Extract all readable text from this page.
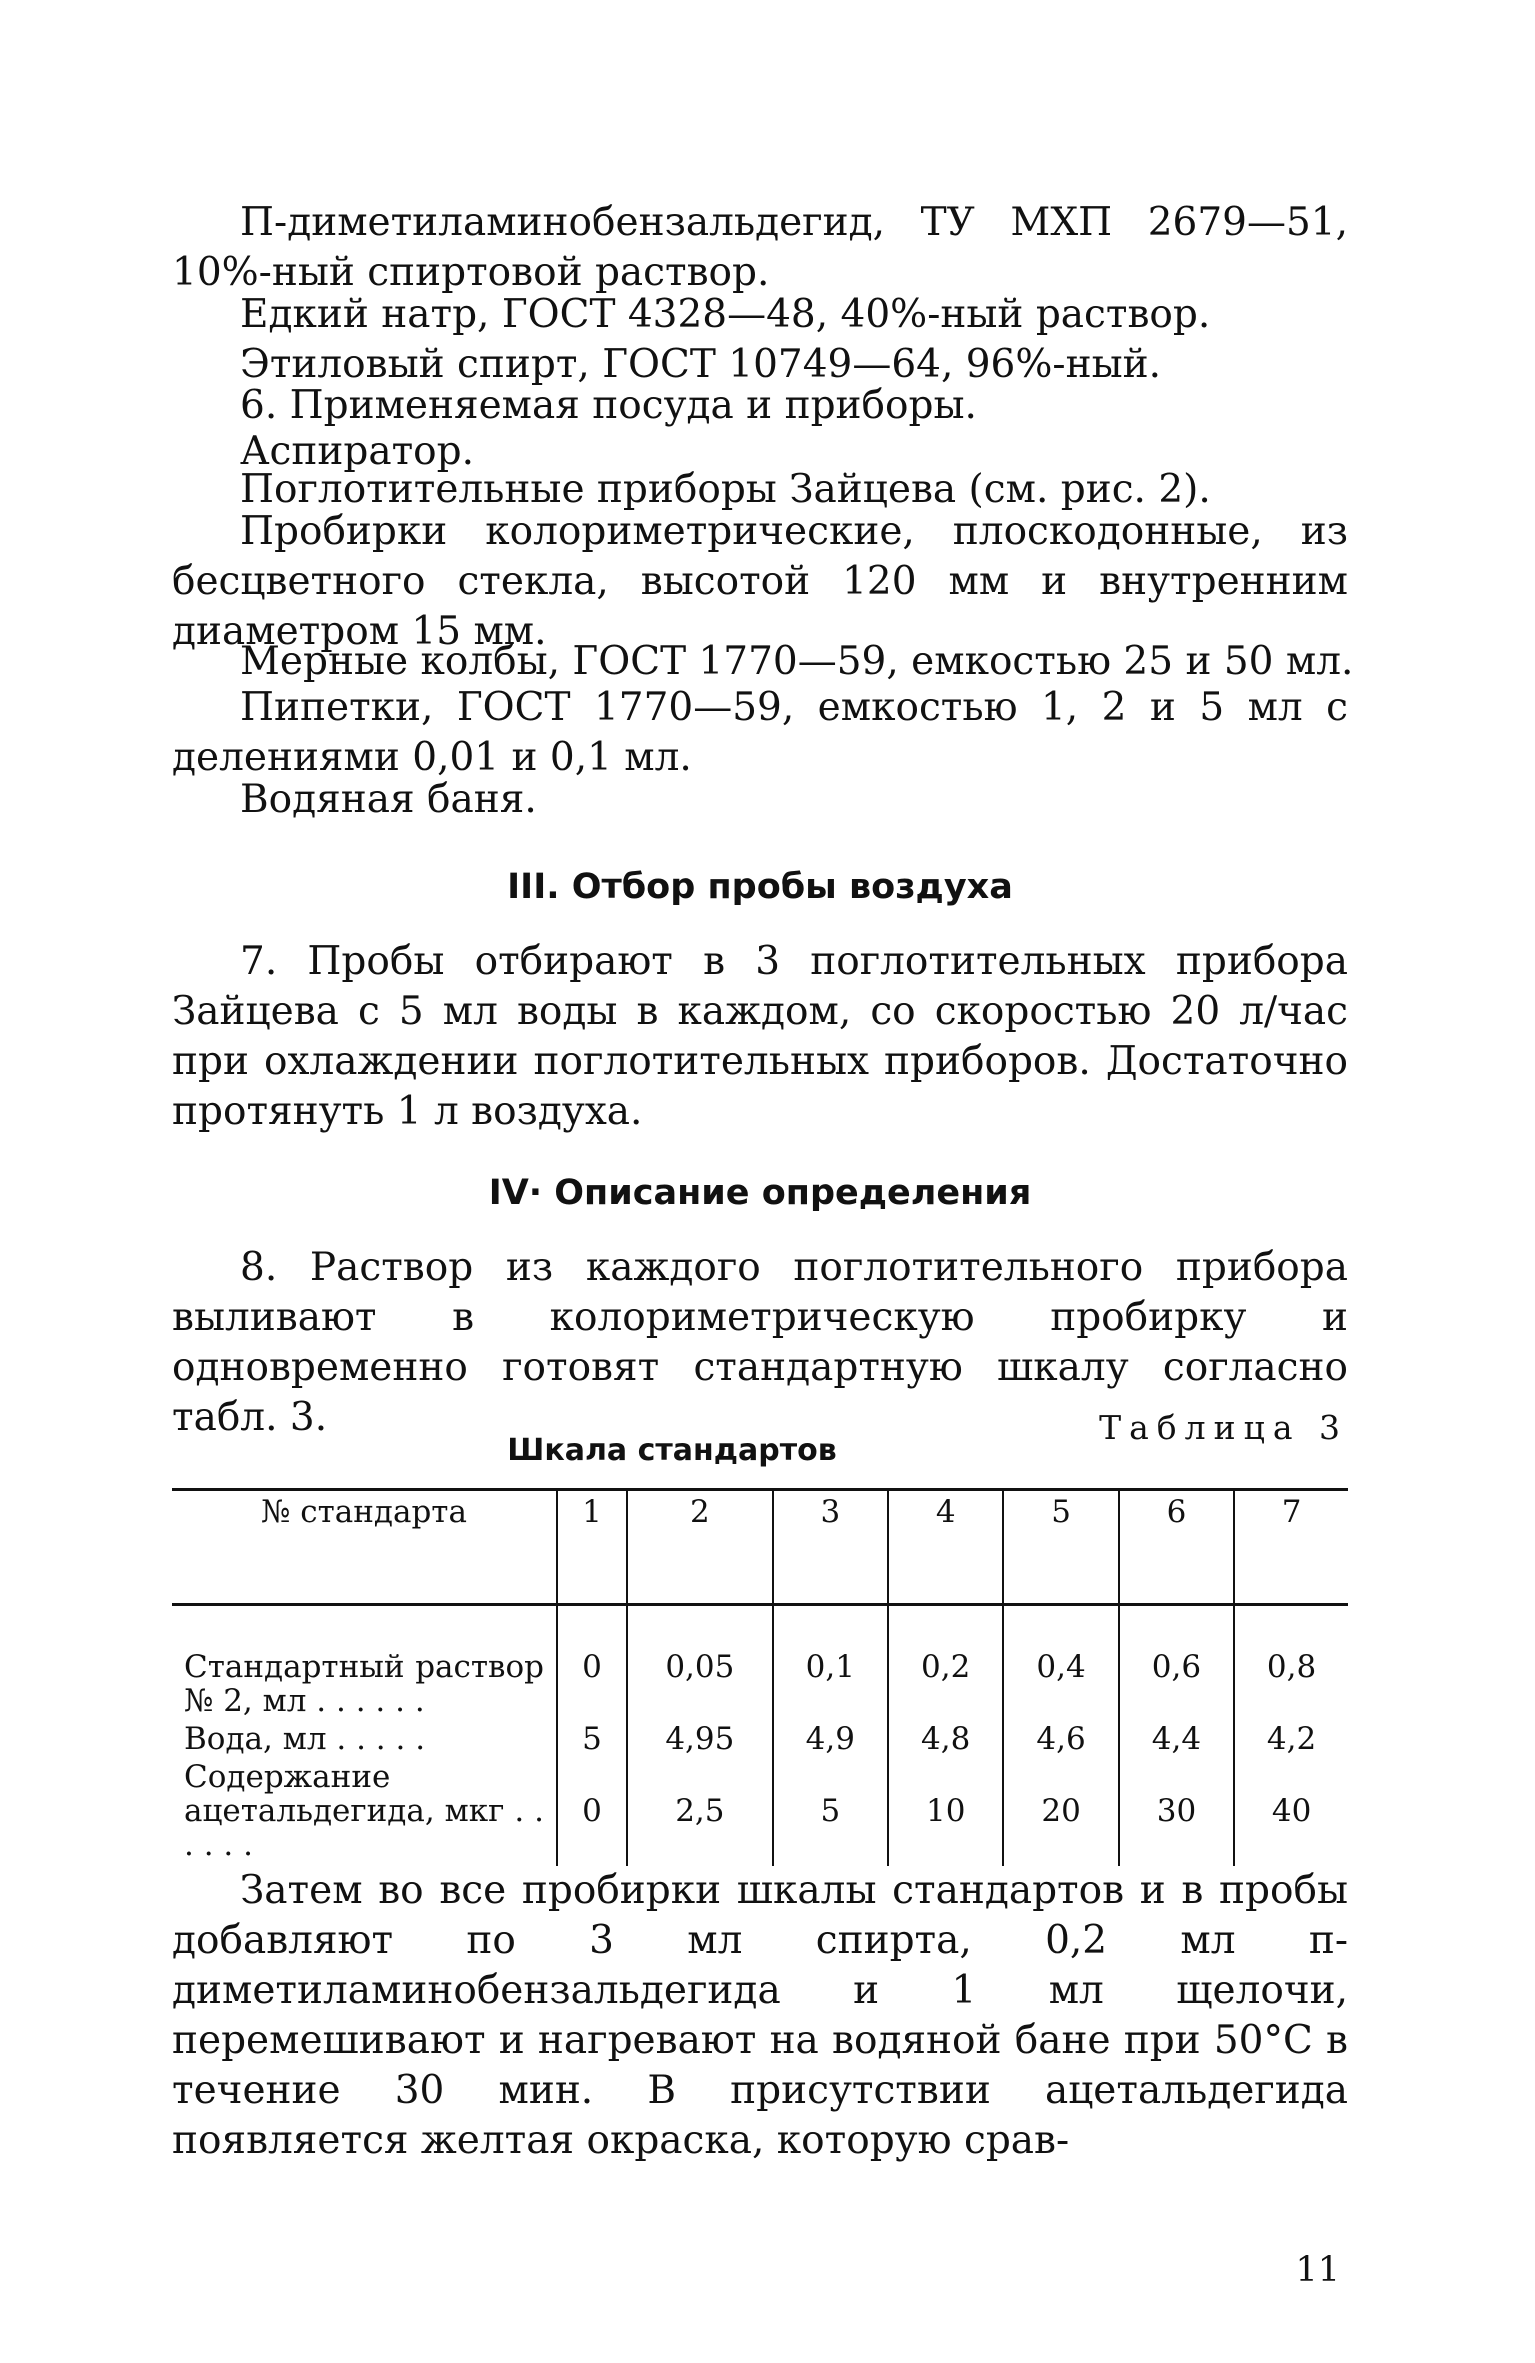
П-диметиламинобензальдегид, ТУ МХП 2679—51, 10%-ный спиртовой раствор.

Едкий натр, ГОСТ 4328—48, 40%-ный раствор.

Этиловый спирт, ГОСТ 10749—64, 96%-ный.

6. Применяемая посуда и приборы.

Аспиратор.

Поглотительные приборы Зайцева (см. рис. 2).

Пробирки колориметрические, плоскодонные, из бесцветного стекла, высотой 120 мм и внутренним диаметром 15 мм.

Мерные колбы, ГОСТ 1770—59, емкостью 25 и 50 мл.

Пипетки, ГОСТ 1770—59, емкостью 1, 2 и 5 мл с делениями 0,01 и 0,1 мл.

Водяная баня.

III. Отбор пробы воздуха

7. Пробы отбирают в 3 поглотительных прибора Зайцева с 5 мл воды в каждом, со скоростью 20 л/час при охлаждении поглотительных приборов. Достаточно протянуть 1 л воздуха.

IV· Описание определения

8. Раствор из каждого поглотительного прибора выливают в колориметрическую пробирку и одновременно готовят стандартную шкалу согласно табл. 3.	Таблица 3
Шкала стандартов
№ стандарта	1	2	3	4	5	6	7
Стандартный раствор № 2, мл . . . . . .	0	0,05	0,1	0,2	0,4	0,6	0,8
Вода, мл . . . . .	5	4,95	4,9	4,8	4,6	4,4	4,2
Содержание ацетальдегида, мкг . . . . . .	0	2,5	5	10	20	30	40

Затем во все пробирки шкалы стандартов и в пробы добавляют по 3 мл спирта, 0,2 мл п-диметиламинобензальдегида и 1 мл щелочи, перемешивают и нагревают на водяной бане при 50°С в течение 30 мин. В присутствии ацетальдегида появляется желтая окраска, которую срав-

11
